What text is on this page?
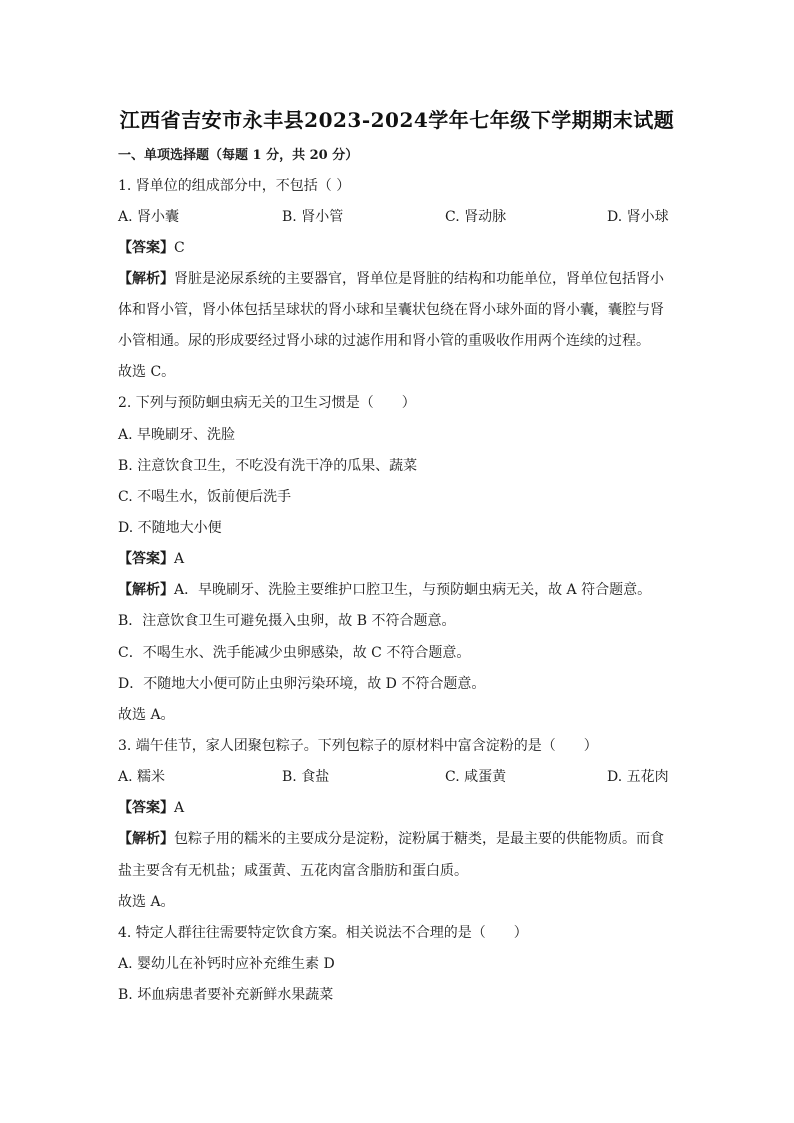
江西省吉安市永丰县2023-2024学年七年级下学期期末试题
一、单项选择题（每题 1 分，共 20 分）
1. 肾单位的组成部分中，不包括（ ）
A. 肾小囊	B. 肾小管	C. 肾动脉	D. 肾小球
【答案】C
【解析】肾脏是泌尿系统的主要器官，肾单位是肾脏的结构和功能单位，肾单位包括肾小
体和肾小管，肾小体包括呈球状的肾小球和呈囊状包绕在肾小球外面的肾小囊，囊腔与肾
小管相通。尿的形成要经过肾小球的过滤作用和肾小管的重吸收作用两个连续的过程。
故选 C。
2. 下列与预防蛔虫病无关的卫生习惯是（　　）
A. 早晚刷牙、洗脸
B. 注意饮食卫生，不吃没有洗干净的瓜果、蔬菜
C. 不喝生水，饭前便后洗手
D. 不随地大小便
【答案】A
【解析】A．早晚刷牙、洗脸主要维护口腔卫生，与预防蛔虫病无关，故 A 符合题意。
B．注意饮食卫生可避免摄入虫卵，故 B 不符合题意。
C．不喝生水、洗手能减少虫卵感染，故 C 不符合题意。
D．不随地大小便可防止虫卵污染环境，故 D 不符合题意。
故选 A。
3. 端午佳节，家人团聚包粽子。下列包粽子的原材料中富含淀粉的是（　　）
A. 糯米	B. 食盐	C. 咸蛋黄	D. 五花肉
【答案】A
【解析】包粽子用的糯米的主要成分是淀粉，淀粉属于糖类，是最主要的供能物质。而食
盐主要含有无机盐；咸蛋黄、五花肉富含脂肪和蛋白质。
故选 A。
4. 特定人群往往需要特定饮食方案。相关说法不合理的是（　　）
A. 婴幼儿在补钙时应补充维生素 D
B. 坏血病患者要补充新鲜水果蔬菜
